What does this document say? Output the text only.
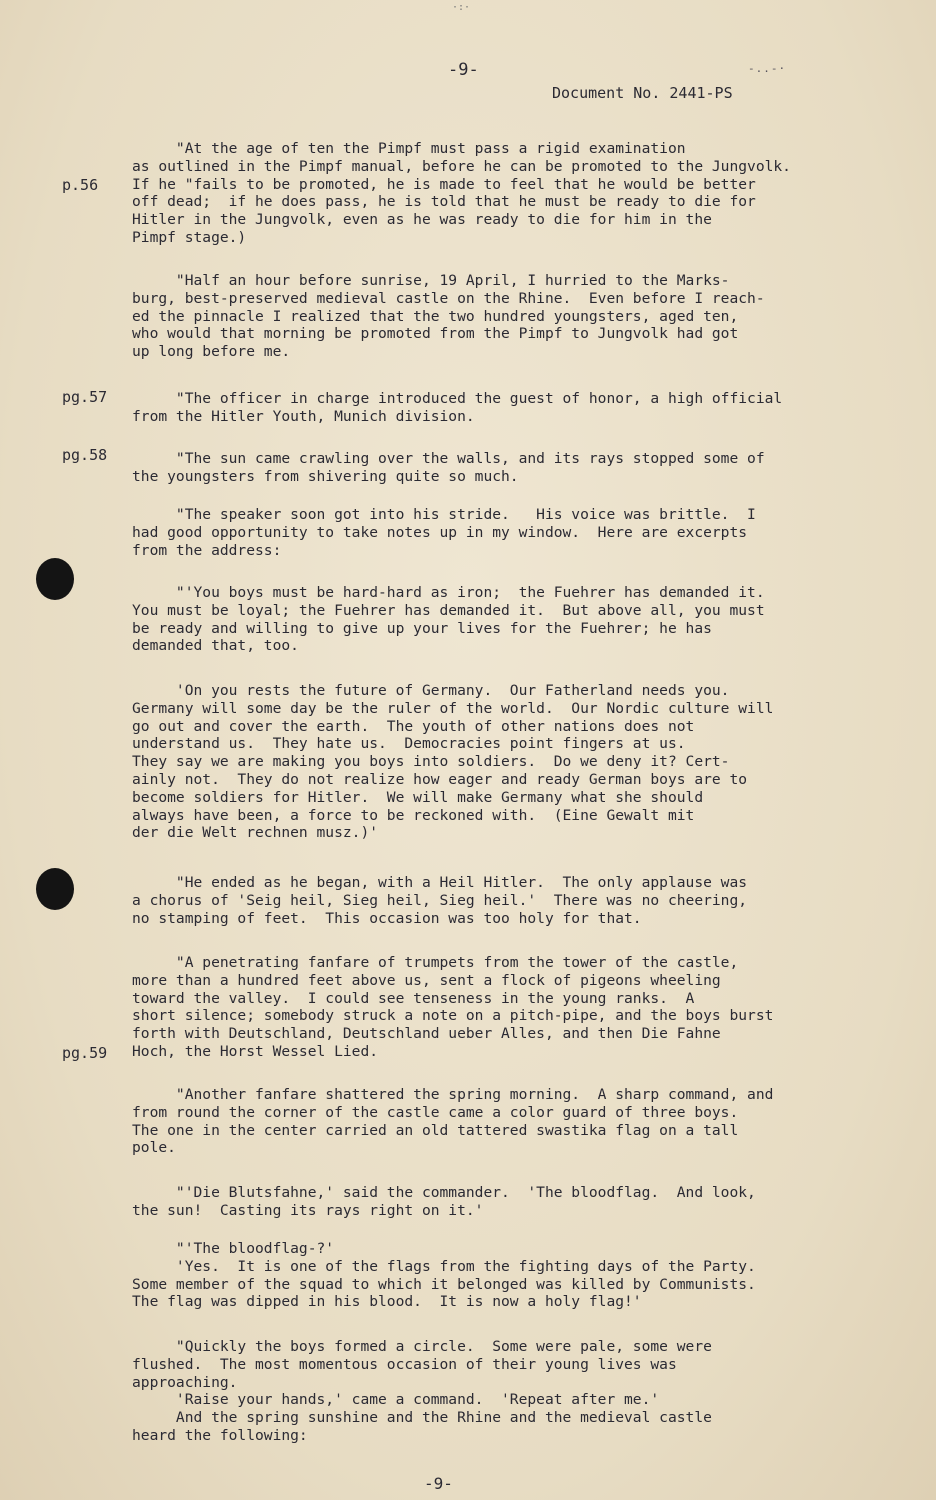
·:·
-9-	-..-·
Document No. 2441-PS
p.56
pg.57
pg.58
pg.59
"At the age of ten the Pimpf must pass a rigid examination
as outlined in the Pimpf manual, before he can be promoted to the Jungvolk.
If he "fails to be promoted, he is made to feel that he would be better
off dead;  if he does pass, he is told that he must be ready to die for
Hitler in the Jungvolk, even as he was ready to die for him in the
Pimpf stage.)
"Half an hour before sunrise, 19 April, I hurried to the Marks-
burg, best-preserved medieval castle on the Rhine.  Even before I reach-
ed the pinnacle I realized that the two hundred youngsters, aged ten,
who would that morning be promoted from the Pimpf to Jungvolk had got
up long before me.
"The officer in charge introduced the guest of honor, a high official
from the Hitler Youth, Munich division.
"The sun came crawling over the walls, and its rays stopped some of
the youngsters from shivering quite so much.
"The speaker soon got into his stride.   His voice was brittle.  I
had good opportunity to take notes up in my window.  Here are excerpts
from the address:
"'You boys must be hard-hard as iron;  the Fuehrer has demanded it.
You must be loyal; the Fuehrer has demanded it.  But above all, you must
be ready and willing to give up your lives for the Fuehrer; he has
demanded that, too.
'On you rests the future of Germany.  Our Fatherland needs you.
Germany will some day be the ruler of the world.  Our Nordic culture will
go out and cover the earth.  The youth of other nations does not
understand us.  They hate us.  Democracies point fingers at us.
They say we are making you boys into soldiers.  Do we deny it? Cert-
ainly not.  They do not realize how eager and ready German boys are to
become soldiers for Hitler.  We will make Germany what she should
always have been, a force to be reckoned with.  (Eine Gewalt mit
der die Welt rechnen musz.)'
"He ended as he began, with a Heil Hitler.  The only applause was
a chorus of 'Seig heil, Sieg heil, Sieg heil.'  There was no cheering,
no stamping of feet.  This occasion was too holy for that.
"A penetrating fanfare of trumpets from the tower of the castle,
more than a hundred feet above us, sent a flock of pigeons wheeling
toward the valley.  I could see tenseness in the young ranks.  A
short silence; somebody struck a note on a pitch-pipe, and the boys burst
forth with Deutschland, Deutschland ueber Alles, and then Die Fahne
Hoch, the Horst Wessel Lied.
"Another fanfare shattered the spring morning.  A sharp command, and
from round the corner of the castle came a color guard of three boys.
The one in the center carried an old tattered swastika flag on a tall
pole.
"'Die Blutsfahne,' said the commander.  'The bloodflag.  And look,
the sun!  Casting its rays right on it.'
"'The bloodflag-?'
'Yes.  It is one of the flags from the fighting days of the Party.
Some member of the squad to which it belonged was killed by Communists.
The flag was dipped in his blood.  It is now a holy flag!'
"Quickly the boys formed a circle.  Some were pale, some were
flushed.  The most momentous occasion of their young lives was
approaching.
'Raise your hands,' came a command.  'Repeat after me.'
And the spring sunshine and the Rhine and the medieval castle
heard the following:
-9-
